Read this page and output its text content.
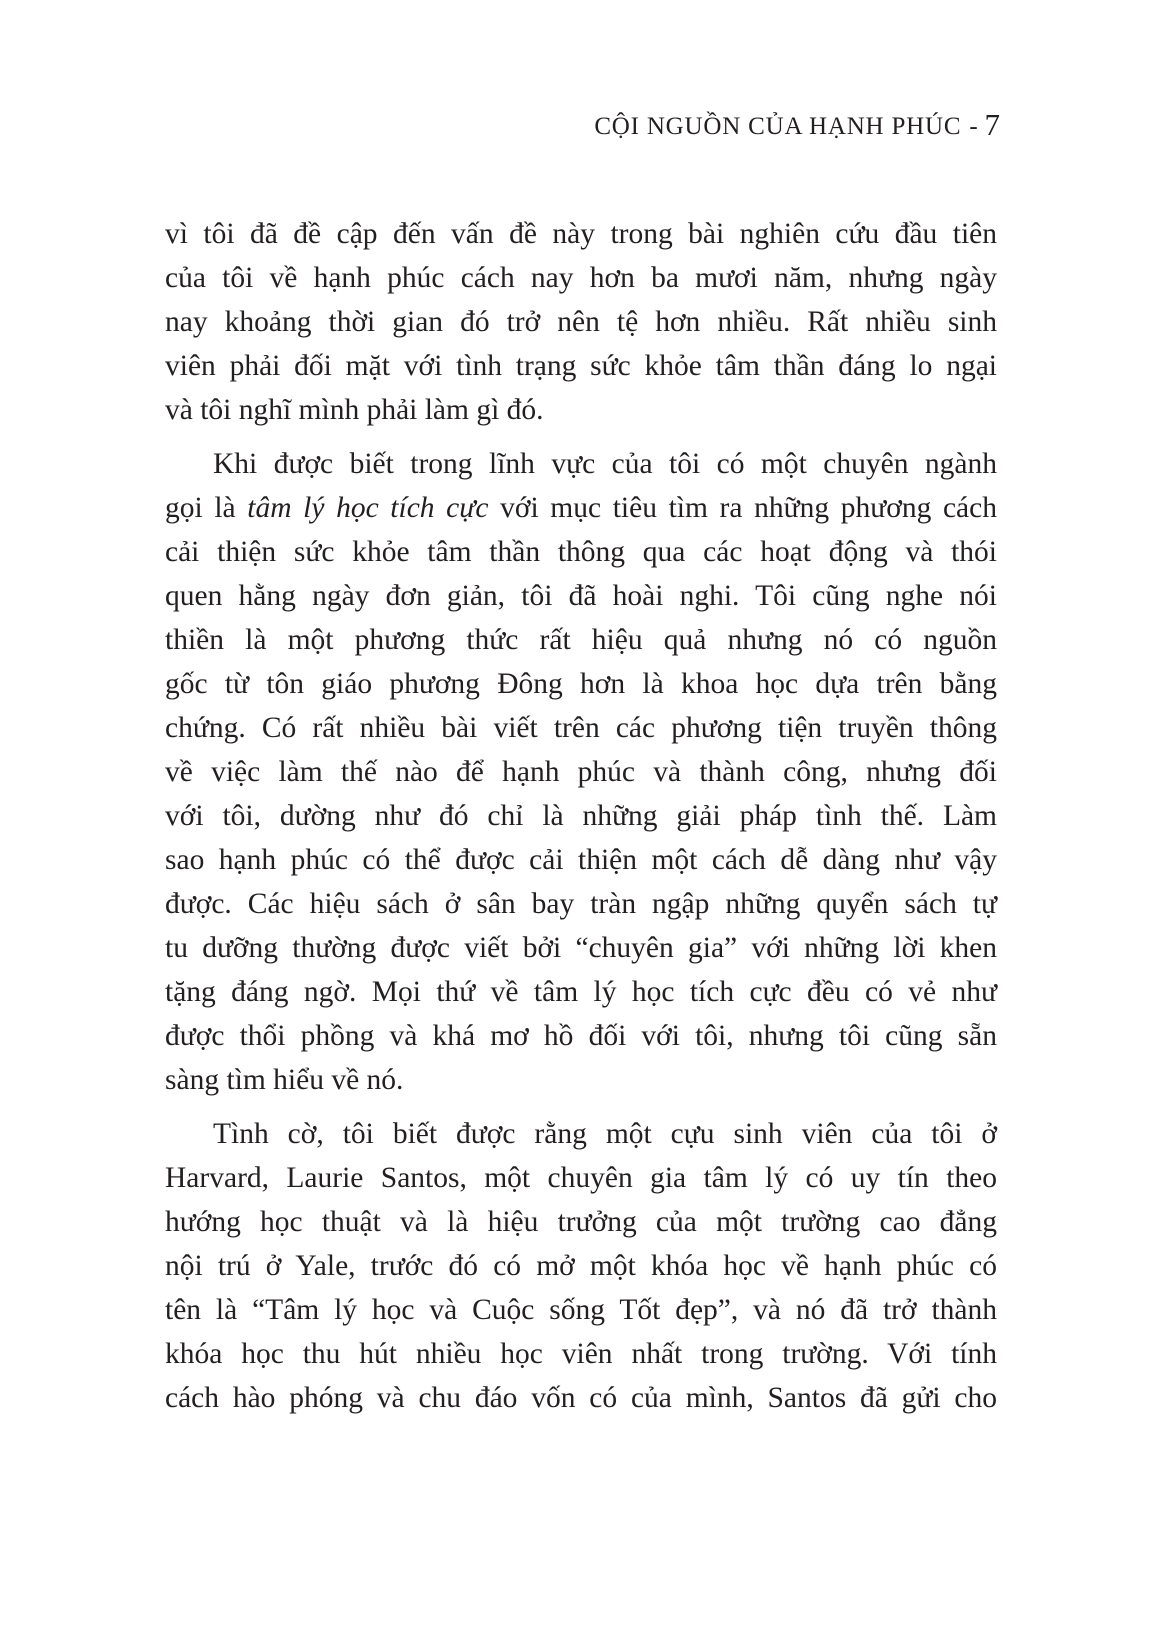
CỘI NGUỒN CỦA HẠNH PHÚC - 7

vì tôi đã đề cập đến vấn đề này trong bài nghiên cứu đầu tiên
của tôi về hạnh phúc cách nay hơn ba mươi năm, nhưng ngày
nay khoảng thời gian đó trở nên tệ hơn nhiều. Rất nhiều sinh
viên phải đối mặt với tình trạng sức khỏe tâm thần đáng lo ngại
và tôi nghĩ mình phải làm gì đó.

Khi được biết trong lĩnh vực của tôi có một chuyên ngành
gọi là tâm lý học tích cực với mục tiêu tìm ra những phương cách
cải thiện sức khỏe tâm thần thông qua các hoạt động và thói
quen hằng ngày đơn giản, tôi đã hoài nghi. Tôi cũng nghe nói
thiền là một phương thức rất hiệu quả nhưng nó có nguồn
gốc từ tôn giáo phương Đông hơn là khoa học dựa trên bằng
chứng. Có rất nhiều bài viết trên các phương tiện truyền thông
về việc làm thế nào để hạnh phúc và thành công, nhưng đối
với tôi, dường như đó chỉ là những giải pháp tình thế. Làm
sao hạnh phúc có thể được cải thiện một cách dễ dàng như vậy
được. Các hiệu sách ở sân bay tràn ngập những quyển sách tự
tu dưỡng thường được viết bởi “chuyên gia” với những lời khen
tặng đáng ngờ. Mọi thứ về tâm lý học tích cực đều có vẻ như
được thổi phồng và khá mơ hồ đối với tôi, nhưng tôi cũng sẵn
sàng tìm hiểu về nó.

Tình cờ, tôi biết được rằng một cựu sinh viên của tôi ở
Harvard, Laurie Santos, một chuyên gia tâm lý có uy tín theo
hướng học thuật và là hiệu trưởng của một trường cao đẳng
nội trú ở Yale, trước đó có mở một khóa học về hạnh phúc có
tên là “Tâm lý học và Cuộc sống Tốt đẹp”, và nó đã trở thành
khóa học thu hút nhiều học viên nhất trong trường. Với tính
cách hào phóng và chu đáo vốn có của mình, Santos đã gửi cho
